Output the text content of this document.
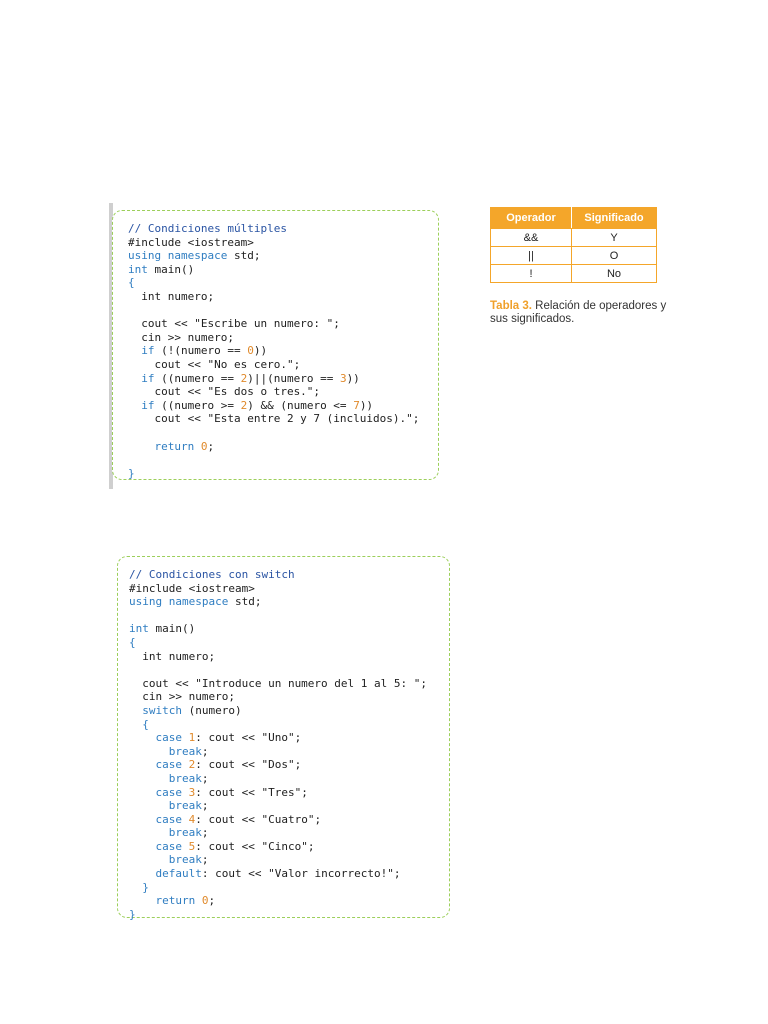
// Condiciones múltiples
#include <iostream>
using namespace std;
int main()
{
int numero;
cout << "Escribe un numero: ";
cin >> numero;
if (!(numero == 0))
cout << "No es cero.";
if ((numero == 2)||(numero == 3))
cout << "Es dos o tres.";
if ((numero >= 2) && (numero <= 7))
cout << "Esta entre 2 y 7 (incluidos).";
return 0;
}
// Condiciones con switch
#include <iostream>
using namespace std;
int main()
{
int numero;
cout << "Introduce un numero del 1 al 5: ";
cin >> numero;
switch (numero)
{
case 1: cout << "Uno";
break;
case 2: cout << "Dos";
break;
case 3: cout << "Tres";
break;
case 4: cout << "Cuatro";
break;
case 5: cout << "Cinco";
break;
default: cout << "Valor incorrecto!";
}
return 0;
}
Operador	Significado
&&	Y
||	O
!	No
Tabla 3. Relación de operadores y sus significados.
